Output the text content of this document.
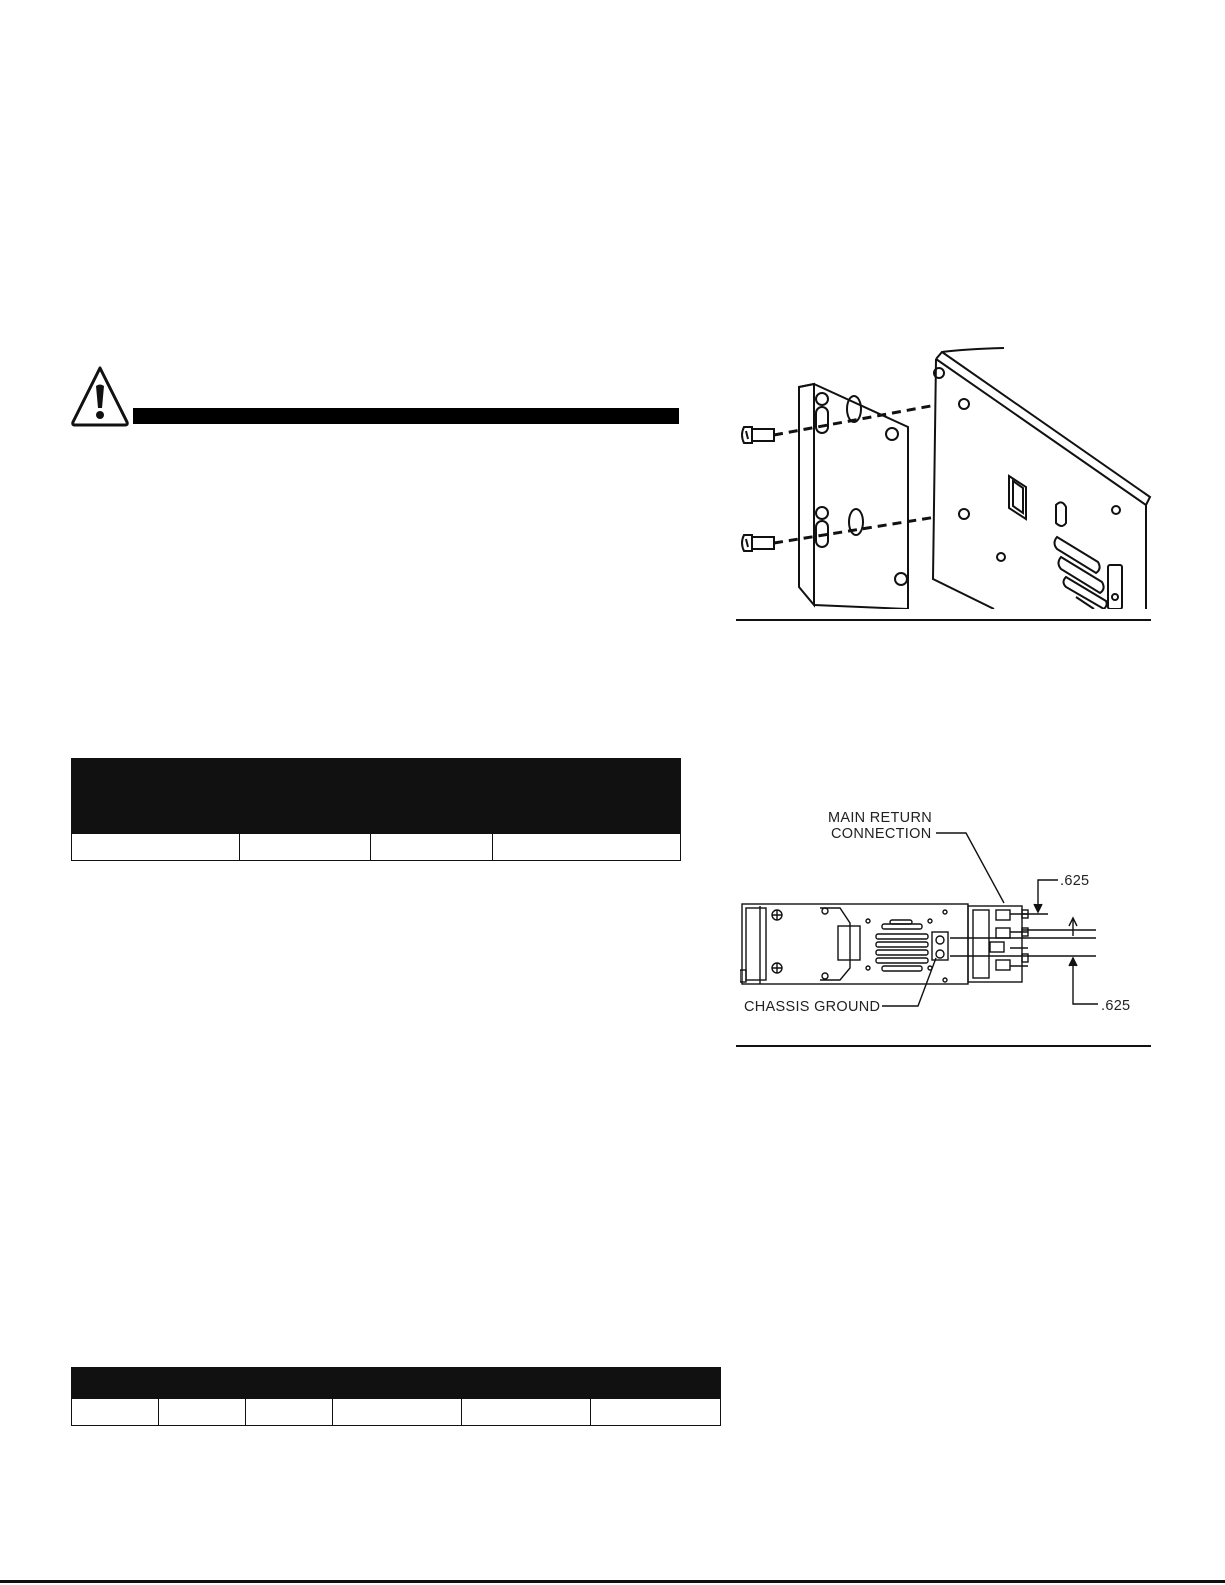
MAIN RETURN
CONNECTION
.625
CHASSIS GROUND	.625
